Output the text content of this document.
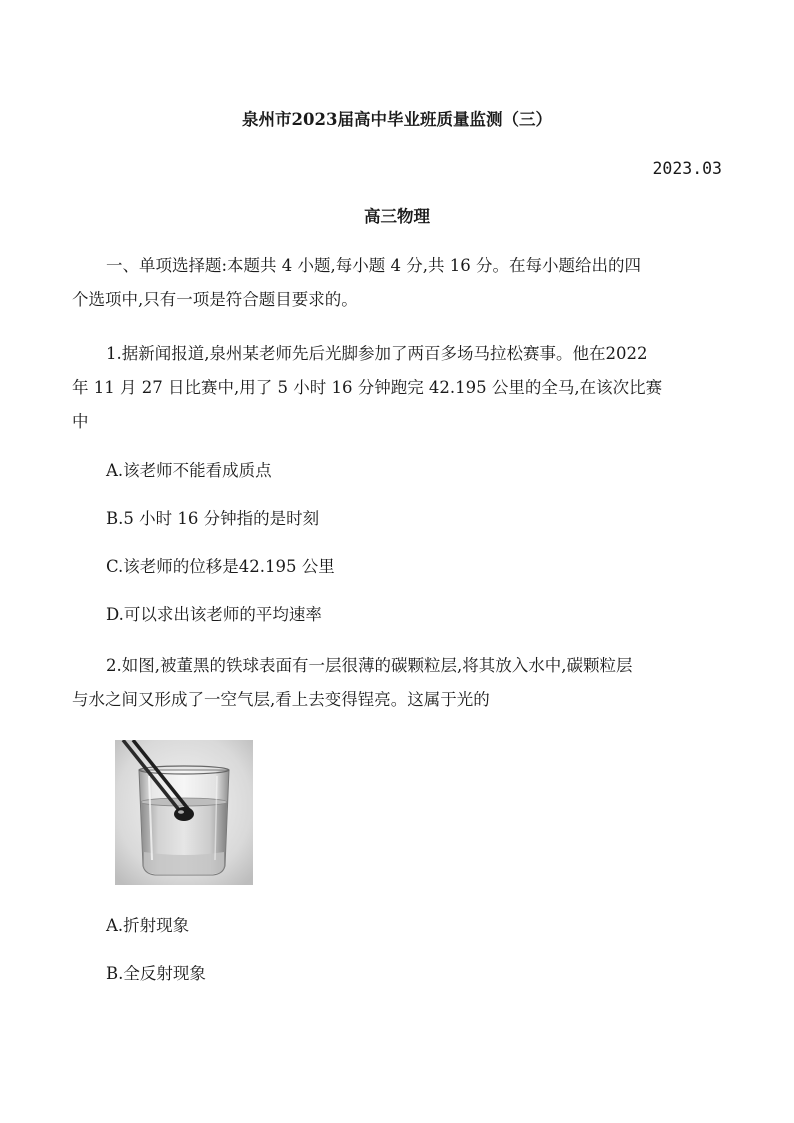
泉州市2023届高中毕业班质量监测（三）
2023.03
高三物理
一、单项选择题:本题共 4 小题,每小题 4 分,共 16 分。在每小题给出的四
个选项中,只有一项是符合题目要求的。
1.据新闻报道,泉州某老师先后光脚参加了两百多场马拉松赛事。他在2022
年 11 月 27 日比赛中,用了 5 小时 16 分钟跑完 42.195 公里的全马,在该次比赛
中
A.该老师不能看成质点
B.5 小时 16 分钟指的是时刻
C.该老师的位移是42.195 公里
D.可以求出该老师的平均速率
2.如图,被董黑的铁球表面有一层很薄的碳颗粒层,将其放入水中,碳颗粒层
与水之间又形成了一空气层,看上去变得锃亮。这属于光的
A.折射现象
B.全反射现象
